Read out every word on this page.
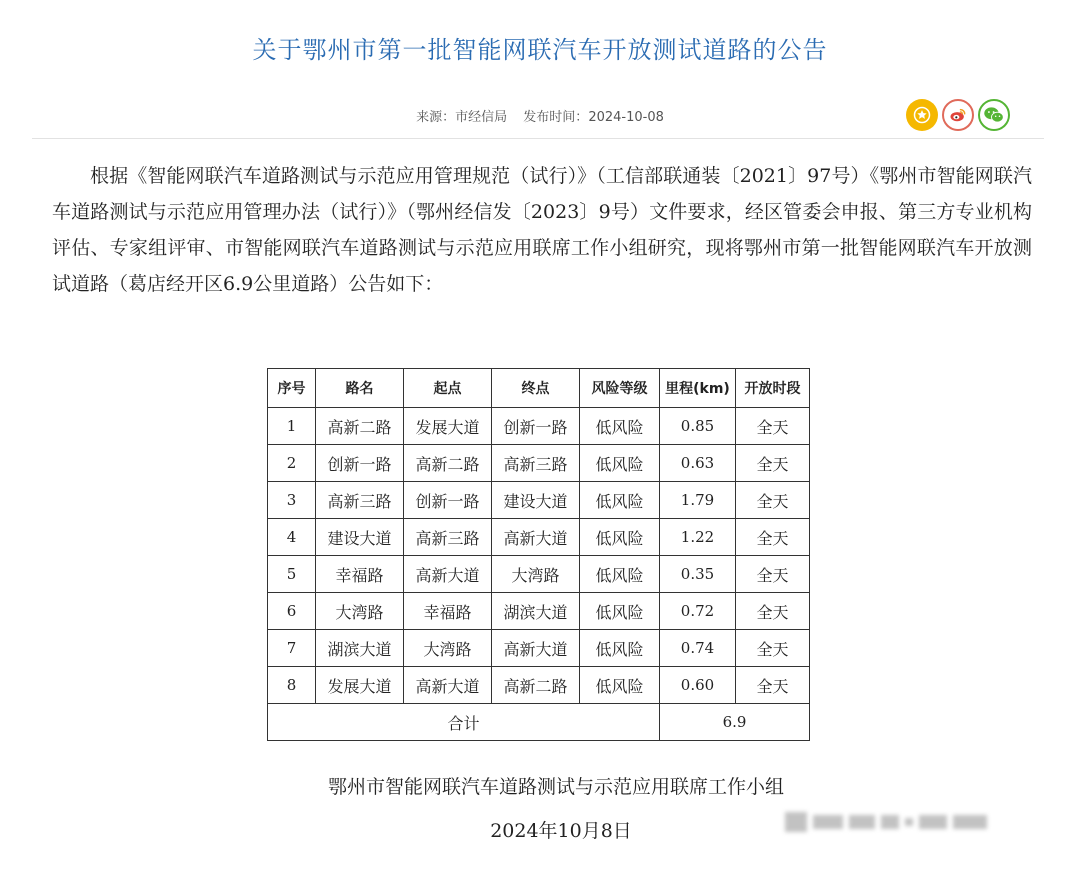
关于鄂州市第一批智能网联汽车开放测试道路的公告
来源：市经信局 发布时间：2024-10-08

根据《智能网联汽车道路测试与示范应用管理规范（试行）》（工信部联通装〔2021〕97号）《鄂州市智能网联汽车道路测试与示范应用管理办法（试行）》（鄂州经信发〔2023〕9号）文件要求，经区管委会申报、第三方专业机构评估、专家组评审、市智能网联汽车道路测试与示范应用联席工作小组研究，现将鄂州市第一批智能网联汽车开放测试道路（葛店经开区6.9公里道路）公告如下：

序号	路名	起点	终点	风险等级	里程(km)	开放时段
1	高新二路	发展大道	创新一路	低风险	0.85	全天
2	创新一路	高新二路	高新三路	低风险	0.63	全天
3	高新三路	创新一路	建设大道	低风险	1.79	全天
4	建设大道	高新三路	高新大道	低风险	1.22	全天
5	幸福路	高新大道	大湾路	低风险	0.35	全天
6	大湾路	幸福路	湖滨大道	低风险	0.72	全天
7	湖滨大道	大湾路	高新大道	低风险	0.74	全天
8	发展大道	高新大道	高新二路	低风险	0.60	全天
合计					6.9	
鄂州市智能网联汽车道路测试与示范应用联席工作小组
2024年10月8日
